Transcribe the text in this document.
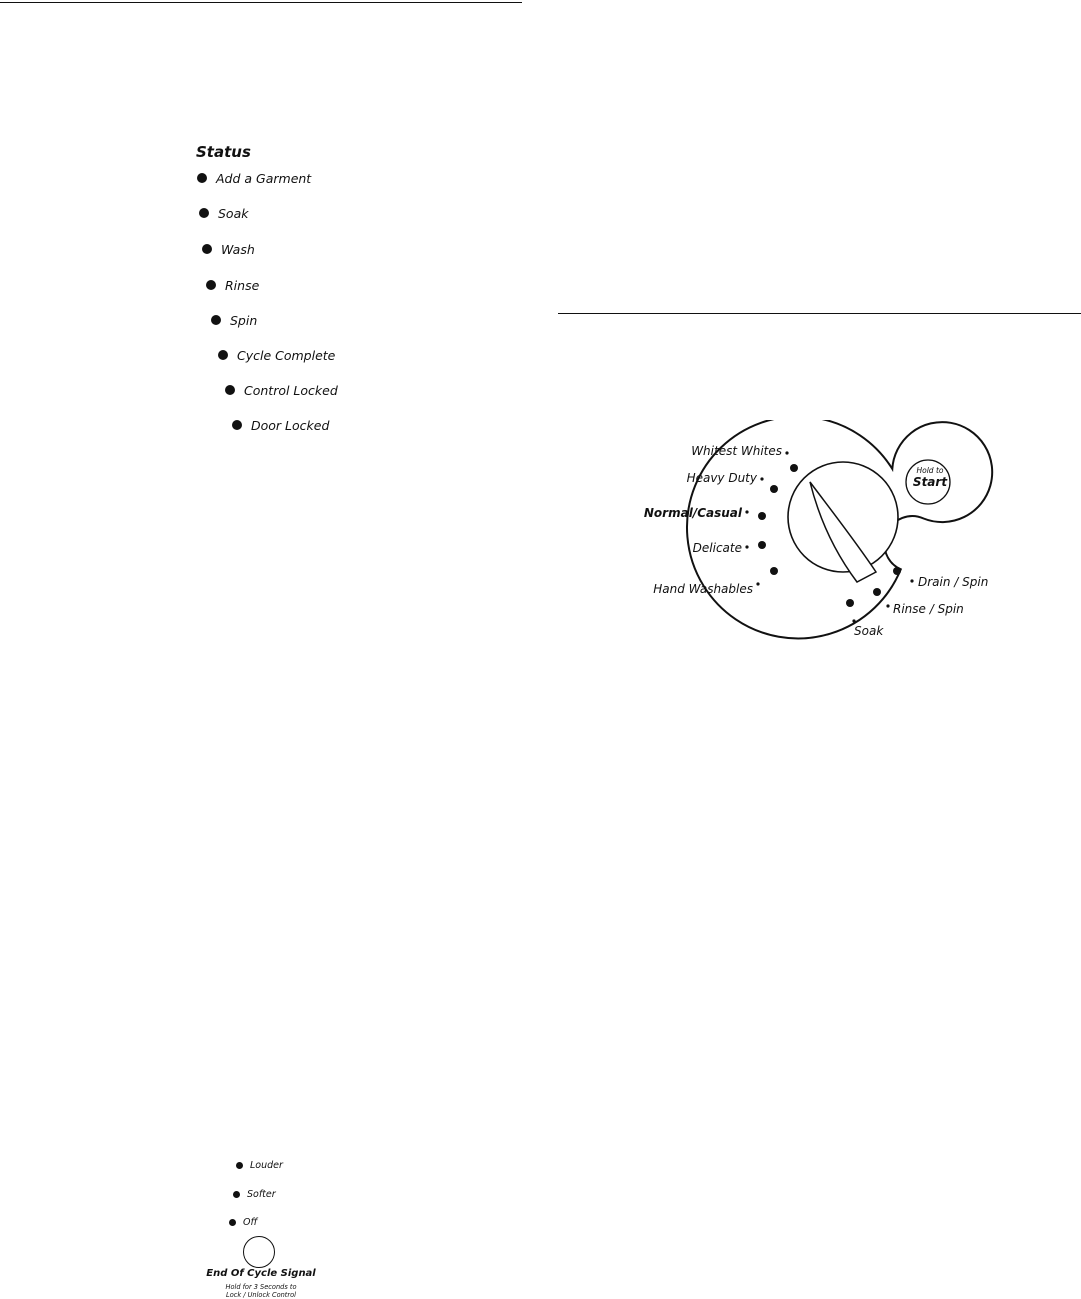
Status
Add a Garment
Soak
Wash
Rinse
Spin
Cycle Complete
Control Locked
Door Locked
Louder
Softer
Off
End Of Cycle Signal
Hold for 3 Seconds to
Lock / Unlock Control
Whitest Whites
Heavy Duty
Normal/Casual
Delicate
Hand Washables
Soak
Rinse / Spin
Drain / Spin
Hold to
Start
